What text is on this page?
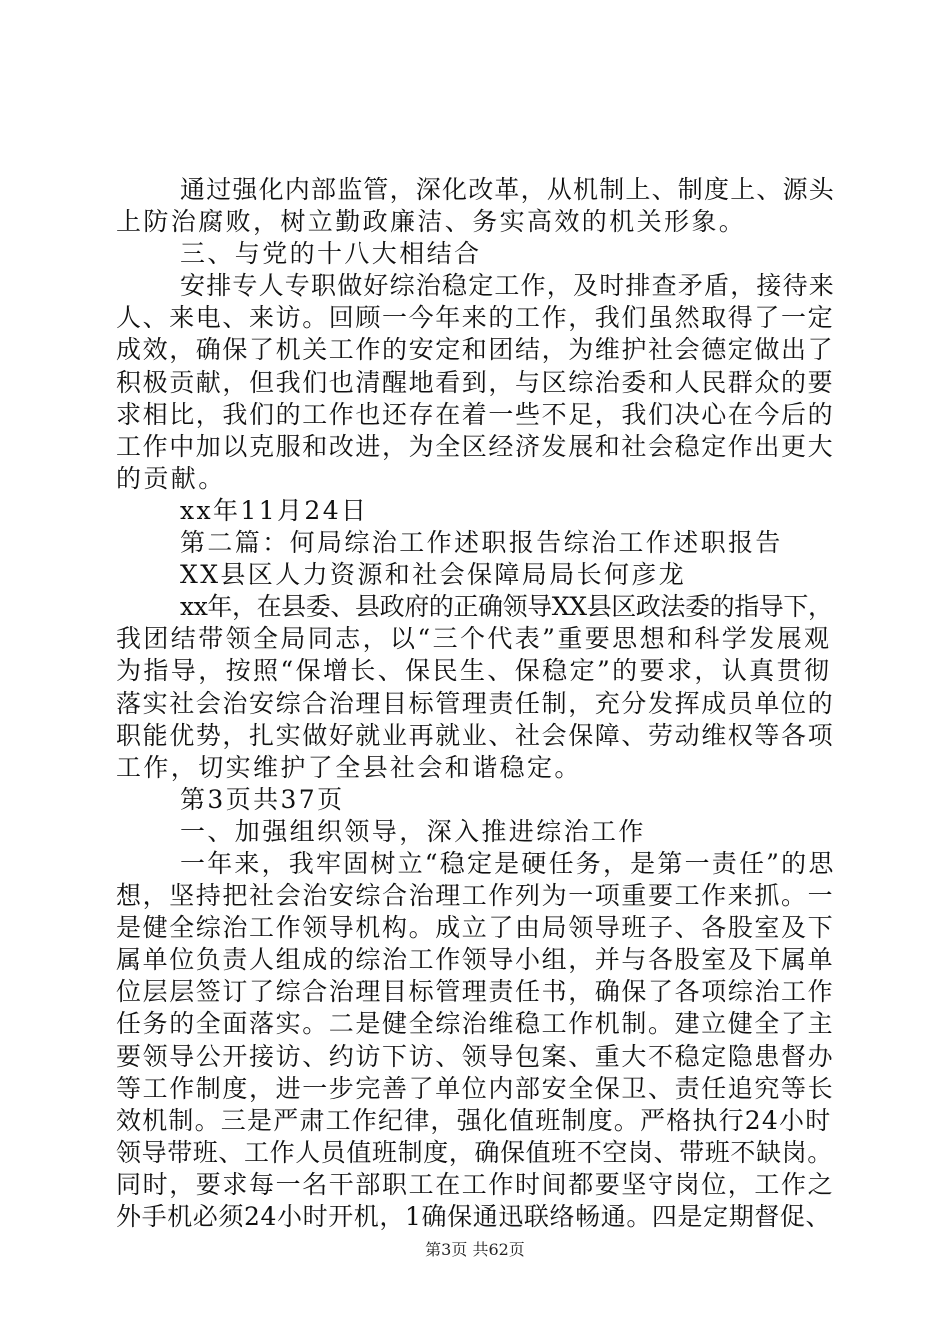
通过强化内部监管，深化改革，从机制上、制度上、源头
上防治腐败，树立勤政廉洁、务实高效的机关形象。
三、与党的十八大相结合
安排专人专职做好综治稳定工作，及时排查矛盾，接待来
人、来电、来访。回顾一今年来的工作，我们虽然取得了一定
成效，确保了机关工作的安定和团结，为维护社会德定做出了
积极贡献，但我们也清醒地看到，与区综治委和人民群众的要
求相比，我们的工作也还存在着一些不足，我们决心在今后的
工作中加以克服和改进，为全区经济发展和社会稳定作出更大
的贡献。
xx年11月24日
第二篇：何局综治工作述职报告综治工作述职报告
XX县区人力资源和社会保障局局长何彦龙
xx年，在县委、县政府的正确领导XX县区政法委的指导下，
我团结带领全局同志，以“三个代表”重要思想和科学发展观
为指导，按照“保增长、保民生、保稳定”的要求，认真贯彻
落实社会治安综合治理目标管理责任制，充分发挥成员单位的
职能优势，扎实做好就业再就业、社会保障、劳动维权等各项
工作，切实维护了全县社会和谐稳定。
第3页共37页
一、加强组织领导，深入推进综治工作
一年来，我牢固树立“稳定是硬任务，是第一责任”的思
想，坚持把社会治安综合治理工作列为一项重要工作来抓。一
是健全综治工作领导机构。成立了由局领导班子、各股室及下
属单位负责人组成的综治工作领导小组，并与各股室及下属单
位层层签订了综合治理目标管理责任书，确保了各项综治工作
任务的全面落实。二是健全综治维稳工作机制。建立健全了主
要领导公开接访、约访下访、领导包案、重大不稳定隐患督办
等工作制度，进一步完善了单位内部安全保卫、责任追究等长
效机制。三是严肃工作纪律，强化值班制度。严格执行24小时
领导带班、工作人员值班制度，确保值班不空岗、带班不缺岗。
同时，要求每一名干部职工在工作时间都要坚守岗位，工作之
外手机必须24小时开机，1确保通迅联络畅通。四是定期督促、
第3页 共62页
